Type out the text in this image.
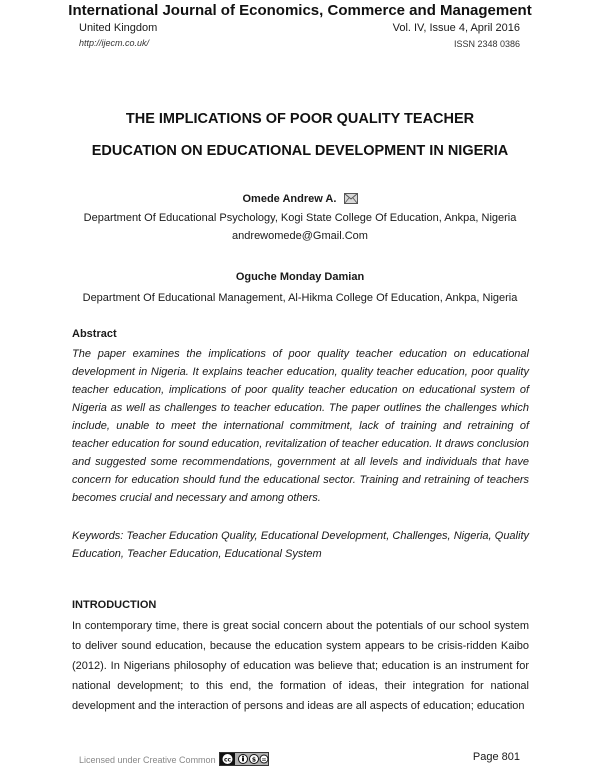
International Journal of Economics, Commerce and Management
United Kingdom
http://ijecm.co.uk/
Vol. IV, Issue 4, April 2016
ISSN 2348 0386
THE IMPLICATIONS OF POOR QUALITY TEACHER
EDUCATION ON EDUCATIONAL DEVELOPMENT IN NIGERIA
Omede Andrew A.
Department Of Educational Psychology, Kogi State College Of Education, Ankpa, Nigeria
andrewomede@Gmail.Com
Oguche Monday Damian
Department Of Educational Management, Al-Hikma College Of Education, Ankpa, Nigeria
Abstract
The paper examines the implications of poor quality teacher education on educational development in Nigeria. It explains teacher education, quality teacher education, poor quality teacher education, implications of poor quality teacher education on educational system of Nigeria as well as challenges to teacher education. The paper outlines the challenges which include, unable to meet the international commitment, lack of training and retraining of teacher education for sound education, revitalization of teacher education. It draws conclusion and suggested some recommendations, government at all levels and individuals that have concern for education should fund the educational sector. Training and retraining of teachers becomes crucial and necessary and among others.
Keywords: Teacher Education Quality, Educational Development, Challenges, Nigeria, Quality Education, Teacher Education, Educational System
INTRODUCTION
In contemporary time, there is great social concern about the potentials of our school system to deliver sound education, because the education system appears to be crisis-ridden Kaibo (2012). In Nigerians philosophy of education was believe that; education is an instrument for national development; to this end, the formation of ideas, their integration for national development and the interaction of persons and ideas are all aspects of education; education
Licensed under Creative Common cc	$ =	Page 801
